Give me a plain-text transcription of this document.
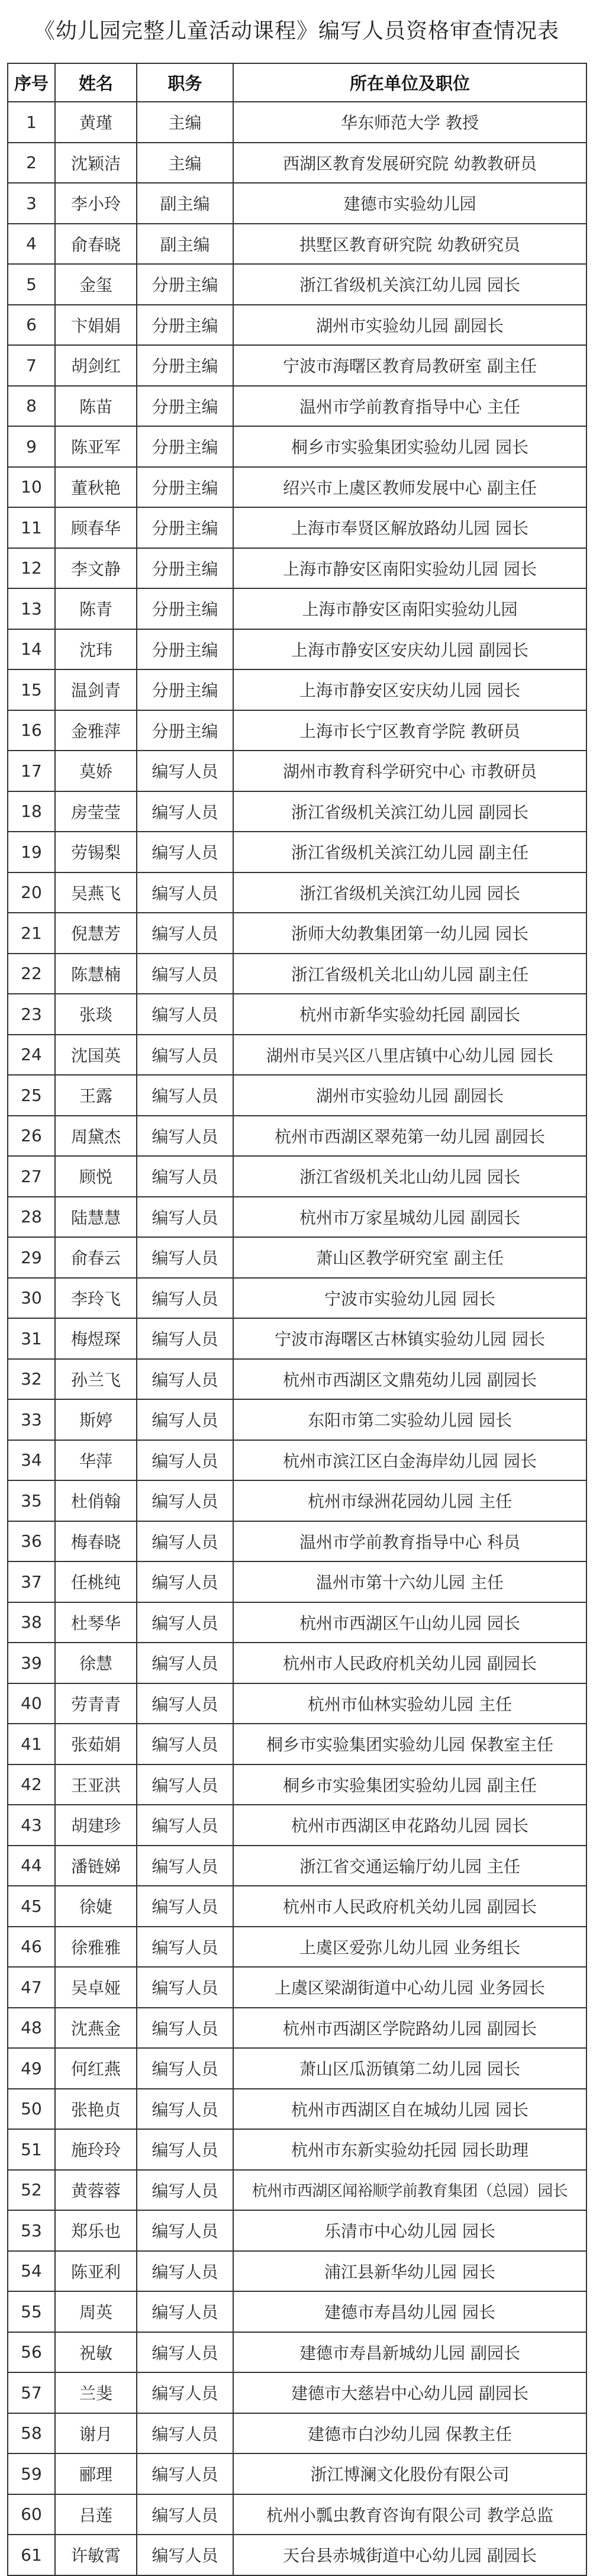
《幼儿园完整儿童活动课程》编写人员资格审查情况表
序号	姓名	职务	所在单位及职位
1	黄瑾	主编	华东师范大学 教授
2	沈颖洁	主编	西湖区教育发展研究院 幼教教研员
3	李小玲	副主编	建德市实验幼儿园
4	俞春晓	副主编	拱墅区教育研究院 幼教研究员
5	金玺	分册主编	浙江省级机关滨江幼儿园 园长
6	卞娟娟	分册主编	湖州市实验幼儿园 副园长
7	胡剑红	分册主编	宁波市海曙区教育局教研室 副主任
8	陈苗	分册主编	温州市学前教育指导中心 主任
9	陈亚军	分册主编	桐乡市实验集团实验幼儿园 园长
10	董秋艳	分册主编	绍兴市上虞区教师发展中心 副主任
11	顾春华	分册主编	上海市奉贤区解放路幼儿园 园长
12	李文静	分册主编	上海市静安区南阳实验幼儿园 园长
13	陈青	分册主编	上海市静安区南阳实验幼儿园
14	沈玮	分册主编	上海市静安区安庆幼儿园 副园长
15	温剑青	分册主编	上海市静安区安庆幼儿园 园长
16	金雅萍	分册主编	上海市长宁区教育学院 教研员
17	莫娇	编写人员	湖州市教育科学研究中心 市教研员
18	房莹莹	编写人员	浙江省级机关滨江幼儿园 副园长
19	劳锡梨	编写人员	浙江省级机关滨江幼儿园 副主任
20	吴燕飞	编写人员	浙江省级机关滨江幼儿园 园长
21	倪慧芳	编写人员	浙师大幼教集团第一幼儿园 园长
22	陈慧楠	编写人员	浙江省级机关北山幼儿园 副主任
23	张琰	编写人员	杭州市新华实验幼托园 副园长
24	沈国英	编写人员	湖州市吴兴区八里店镇中心幼儿园 园长
25	王露	编写人员	湖州市实验幼儿园 副园长
26	周黛杰	编写人员	杭州市西湖区翠苑第一幼儿园 副园长
27	顾悦	编写人员	浙江省级机关北山幼儿园 园长
28	陆慧慧	编写人员	杭州市万家星城幼儿园 副园长
29	俞春云	编写人员	萧山区教学研究室 副主任
30	李玲飞	编写人员	宁波市实验幼儿园 园长
31	梅煜琛	编写人员	宁波市海曙区古林镇实验幼儿园 园长
32	孙兰飞	编写人员	杭州市西湖区文鼎苑幼儿园 副园长
33	斯婷	编写人员	东阳市第二实验幼儿园 园长
34	华萍	编写人员	杭州市滨江区白金海岸幼儿园 园长
35	杜俏翰	编写人员	杭州市绿洲花园幼儿园 主任
36	梅春晓	编写人员	温州市学前教育指导中心 科员
37	任桃纯	编写人员	温州市第十六幼儿园 主任
38	杜琴华	编写人员	杭州市西湖区午山幼儿园 园长
39	徐慧	编写人员	杭州市人民政府机关幼儿园 副园长
40	劳青青	编写人员	杭州市仙林实验幼儿园 主任
41	张茹娟	编写人员	桐乡市实验集团实验幼儿园 保教室主任
42	王亚洪	编写人员	桐乡市实验集团实验幼儿园 副主任
43	胡建珍	编写人员	杭州市西湖区申花路幼儿园 园长
44	潘链娣	编写人员	浙江省交通运输厅幼儿园 主任
45	徐婕	编写人员	杭州市人民政府机关幼儿园 副园长
46	徐雅雅	编写人员	上虞区爱弥儿幼儿园 业务组长
47	吴卓娅	编写人员	上虞区梁湖街道中心幼儿园 业务园长
48	沈燕金	编写人员	杭州市西湖区学院路幼儿园 副园长
49	何红燕	编写人员	萧山区瓜沥镇第二幼儿园 园长
50	张艳贞	编写人员	杭州市西湖区自在城幼儿园 园长
51	施玲玲	编写人员	杭州市东新实验幼托园 园长助理
52	黄蓉蓉	编写人员	杭州市西湖区闻裕顺学前教育集团（总园）园长
53	郑乐也	编写人员	乐清市中心幼儿园 园长
54	陈亚利	编写人员	浦江县新华幼儿园 园长
55	周英	编写人员	建德市寿昌幼儿园 园长
56	祝敏	编写人员	建德市寿昌新城幼儿园 副园长
57	兰斐	编写人员	建德市大慈岩中心幼儿园 副园长
58	谢月	编写人员	建德市白沙幼儿园 保教主任
59	郦理	编写人员	浙江博澜文化股份有限公司
60	吕莲	编写人员	杭州小瓢虫教育咨询有限公司 教学总监
61	许敏霄	编写人员	天台县赤城街道中心幼儿园 副园长
